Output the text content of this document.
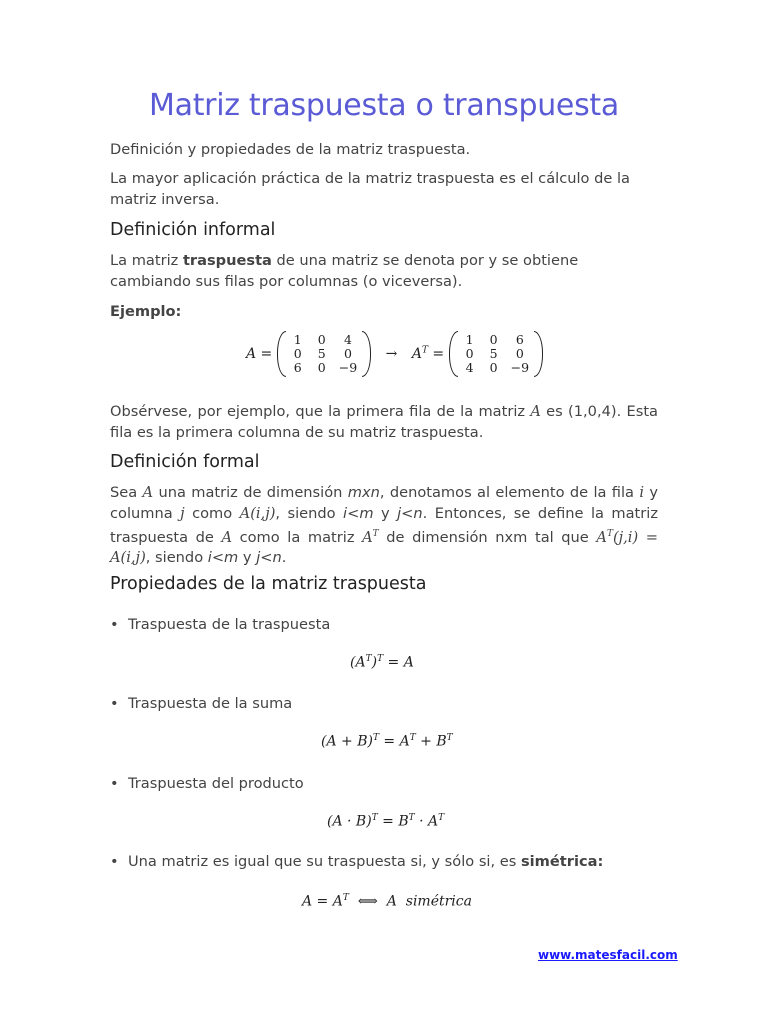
Matriz traspuesta o transpuesta
Definición y propiedades de la matriz traspuesta.
La mayor aplicación práctica de la matriz traspuesta es el cálculo de la matriz inversa.
Definición informal
La matriz traspuesta de una matriz se denota por y se obtiene cambiando sus filas por columnas (o viceversa).
Ejemplo:
A =
1	0	4
0	5	0
6	0	−9
→ $A^T$ =
1	0	6
0	5	0
4	0	−9
Obsérvese, por ejemplo, que la primera fila de la matriz A es (1,0,4). Esta fila es la primera columna de su matriz traspuesta.
Definición formal
Sea A una matriz de dimensión mxn, denotamos al elemento de la fila i y columna j como A(i,j), siendo i<m y j<n. Entonces, se define la matriz traspuesta de A como la matriz $A^T$ de dimensión nxm tal que $A^T(j,i) = A(i,j)$, siendo i<m y j<n.
Propiedades de la matriz traspuesta
• Traspuesta de la traspuesta
$(A^T)^T = A$
• Traspuesta de la suma
$(A + B)^T = A^T + B^T$
• Traspuesta del producto
$(A \cdot B)^T = B^T \cdot A^T$
• Una matriz es igual que su traspuesta si, y sólo si, es simétrica:
$A = A^T$  ⟺  A  simétrica
www.matesfacil.com
